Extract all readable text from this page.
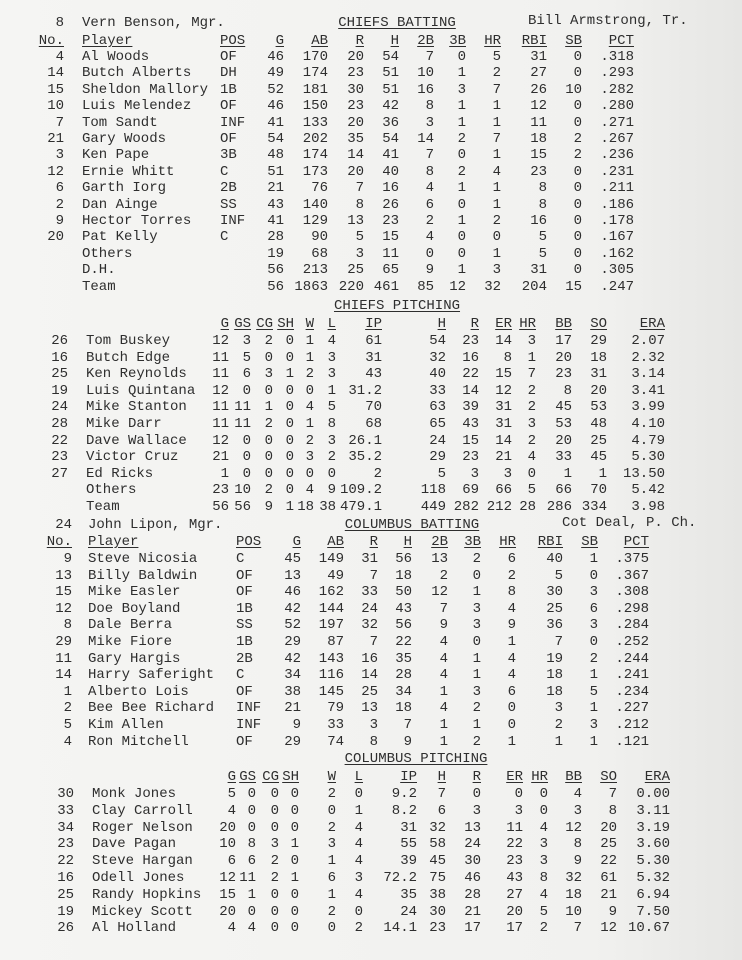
8 Vern Benson, Mgr.	CHIEFS BATTING	Bill Armstrong, Tr.
No. Player	POS G AB R H 2B 3B HR RBI SB PCT
4 Al Woods	OF 46 170 20 54 7 0 5 31 0 .318
14 Butch Alberts DH 49 174 23 51 10 1 2 27 0 .293
15 Sheldon Mallory 1B 52 181 30 51 16 3 7 26 10 .282
10 Luis Melendez OF 46 150 23 42 8 1 1 12 0 .280
7 Tom Sandt	INF 41 133 20 36 3 1 1 11 0 .271
21 Gary Woods	OF 54 202 35 54 14 2 7 18 2 .267
3 Ken Pape	3B 48 174 14 41 7 0 1 15 2 .236
12 Ernie Whitt	C	51 173 20 40 8 2 4 23 0 .231
6 Garth Iorg	2B 21 76 7 16 4 1 1	8 0 .211
2 Dan Ainge	SS 43 140 8 26 6 0 1	8 0 .186
9 Hector Torres INF 41 129 13 23 2 1 2 16 0 .178
20 Pat Kelly	C	28 90 5 15 4 0 0	5 0 .167
Others	19 68 3 11 0 0 1	5 0 .162
D.H.	56 213 25 65 9 1 3 31 0 .305
Team	56 1863 220 461 85 12 32 204 15 .247
CHIEFS PITCHING
G GS CG SH W L IP	H R ER HR BB SO ERA
26 Tom Buskey	12 3 2 0 1 4 61	54 23 14 3 17 29 2.07
16 Butch Edge	11 5 0 0 1 3 31	32 16 8 1 20 18 2.32
25 Ken Reynolds 11 6 3 1 2 3 43	40 22 15 7 23 31 3.14
19 Luis Quintana 12 0 0 0 0 1 31.2	33 14 12 2 8 20 3.41
24 Mike Stanton 11 11 1 0 4 5 70	63 39 31 2 45 53 3.99
28 Mike Darr	11 11 2 0 1 8 68	65 43 31 3 53 48 4.10
22 Dave Wallace 12 0 0 0 2 3 26.1	24 15 14 2 20 25 4.79
23 Victor Cruz 21 0 0 0 3 2 35.2	29 23 21 4 33 45 5.30
27 Ed Ricks	1 0 0 0 0 0	2	5 3 3 0 1 1 13.50
Others	23 10 2 0 4 9 109.2	118 69 66 5 66 70 5.42
Team	56 56 9 1 18 38 479.1	449 282 212 28 286 334 3.98
24 John Lipon, Mgr.	COLUMBUS BATTING	Cot Deal, P. Ch.
No. Player	POS G AB R H 2B 3B HR RBI SB PCT
9 Steve Nicosia	C	45 149 31 56 13 2 6 40 1 .375
13 Billy Baldwin	OF 13 49 7 18 2 0 2	5 0 .367
15 Mike Easler	OF 46 162 33 50 12 1 8 30 3 .308
12 Doe Boyland	1B 42 144 24 43 7 3 4 25 6 .298
8 Dale Berra	SS 52 197 32 56 9 3 9 36 3 .284
29 Mike Fiore	1B 29 87 7 22 4 0 1	7 0 .252
11 Gary Hargis	2B 42 143 16 35 4 1 4 19 2 .244
14 Harry Saferight C	34 116 14 28 4 1 4 18 1 .241
1 Alberto Lois	OF 38 145 25 34 1 3 6 18 5 .234
2 Bee Bee Richard INF 21 79 13 18 4 2 0	3 1 .227
5 Kim Allen	INF 9 33 3 7 1 1 0	2 3 .212
4 Ron Mitchell	OF 29 74 8 9 1 2 1	1 1 .121
COLUMBUS PITCHING
G GS CG SH W L	IP H R ER HR BB SO ERA
30 Monk Jones	5 0 0 0 2 0 9.2 7 0 0 0 4 7 0.00
33 Clay Carroll 4 0 0 0 0 1 8.2 6 3 3 0 3 8 3.11
34 Roger Nelson 20 0 0 0 2 4	31 32 13 11 4 12 20 3.19
23 Dave Pagan	10 8 3 1 3 4	55 58 24 22 3 8 25 3.60
22 Steve Hargan 6 6 2 0 1 4	39 45 30 23 3 9 22 5.30
16 Odell Jones 12 11 2 1 6 3 72.2 75 46 43 8 32 61 5.32
25 Randy Hopkins 15 1 0 0 1 4	35 38 28 27 4 18 21 6.94
19 Mickey Scott 20 0 0 0 2 0	24 30 21 20 5 10 9 7.50
26 Al Holland	4 4 0 0 0 2 14.1 23 17 17 2 7 12 10.67
